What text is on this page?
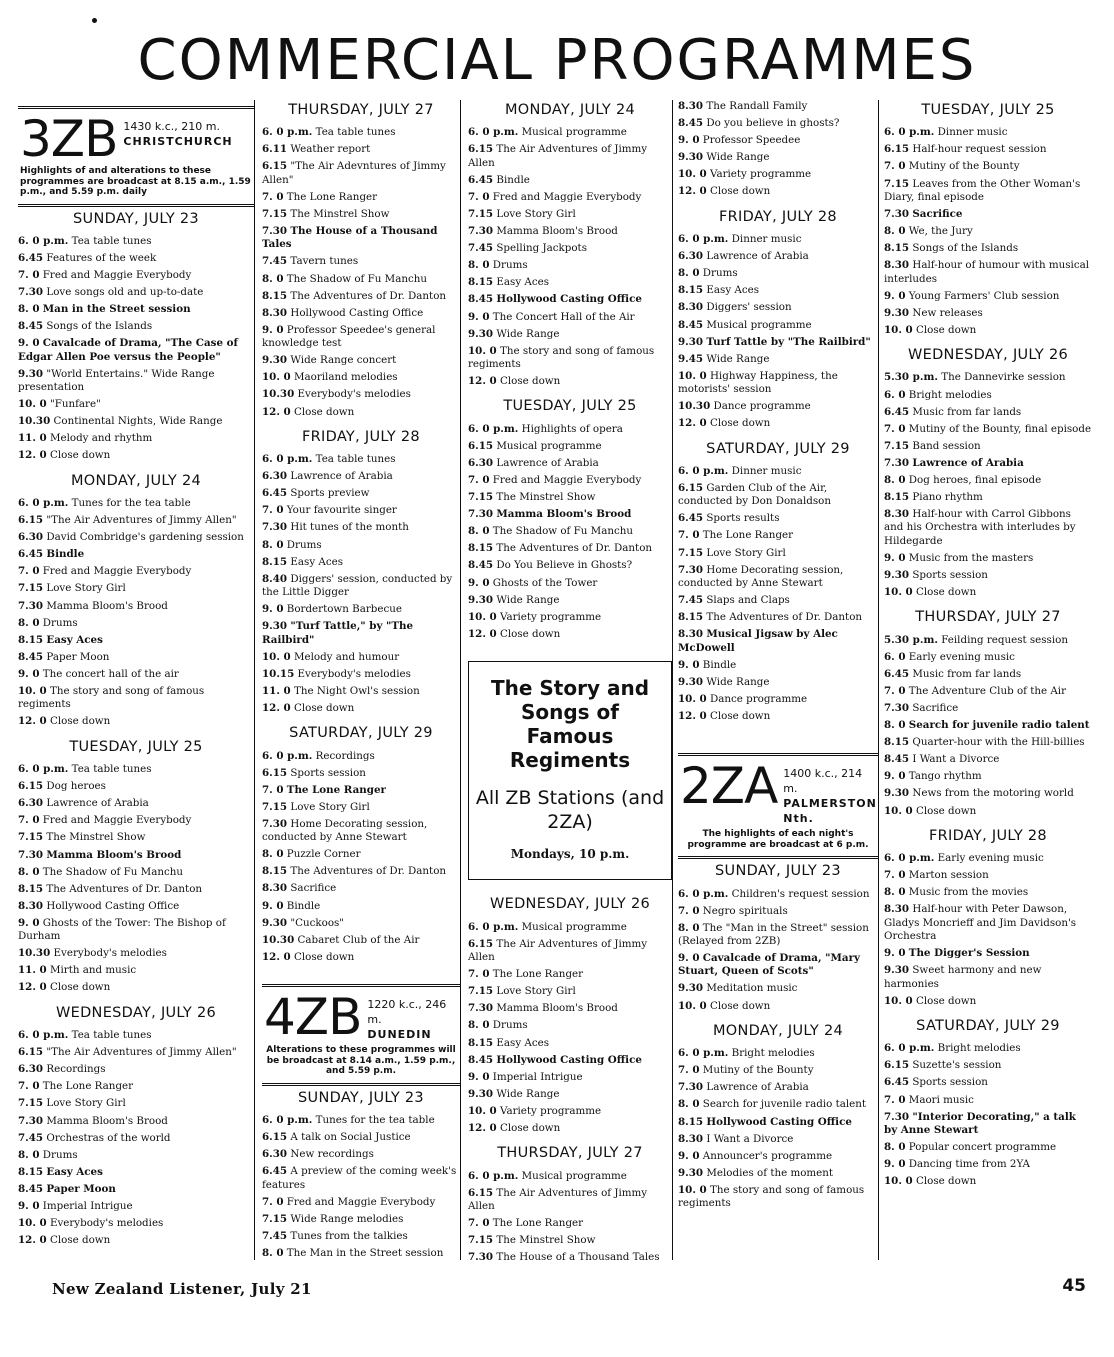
COMMERCIAL PROGRAMMES
3ZB 1430 k.c., 210 m.
CHRISTCHURCH
Highlights of and alterations to these programmes are broadcast at 8.15 a.m., 1.59 p.m., and 5.59 p.m. daily
SUNDAY, JULY 23
6. 0 p.m. Tea table tunes
6.45 Features of the week
7. 0 Fred and Maggie Everybody
7.30 Love songs old and up-to-date
8. 0 Man in the Street session
8.45 Songs of the Islands
9. 0 Cavalcade of Drama, "The Case of Edgar Allen Poe versus the People"
9.30 "World Entertains." Wide Range presentation
10. 0 "Funfare"
10.30 Continental Nights, Wide Range
11. 0 Melody and rhythm
12. 0 Close down
MONDAY, JULY 24
6. 0 p.m. Tunes for the tea table
6.15 "The Air Adventures of Jimmy Allen"
6.30 David Combridge's gardening session
6.45 Bindle
7. 0 Fred and Maggie Everybody
7.15 Love Story Girl
7.30 Mamma Bloom's Brood
8. 0 Drums
8.15 Easy Aces
8.45 Paper Moon
9. 0 The concert hall of the air
10. 0 The story and song of famous regiments
12. 0 Close down
TUESDAY, JULY 25
6. 0 p.m. Tea table tunes
6.15 Dog heroes
6.30 Lawrence of Arabia
7. 0 Fred and Maggie Everybody
7.15 The Minstrel Show
7.30 Mamma Bloom's Brood
8. 0 The Shadow of Fu Manchu
8.15 The Adventures of Dr. Danton
8.30 Hollywood Casting Office
9. 0 Ghosts of the Tower: The Bishop of Durham
10.30 Everybody's melodies
11. 0 Mirth and music
12. 0 Close down
WEDNESDAY, JULY 26
6. 0 p.m. Tea table tunes
6.15 "The Air Adventures of Jimmy Allen"
6.30 Recordings
7. 0 The Lone Ranger
7.15 Love Story Girl
7.30 Mamma Bloom's Brood
7.45 Orchestras of the world
8. 0 Drums
8.15 Easy Aces
8.45 Paper Moon
9. 0 Imperial Intrigue
10. 0 Everybody's melodies
12. 0 Close down
THURSDAY, JULY 27
6. 0 p.m. Tea table tunes
6.11 Weather report
6.15 "The Air Adevntures of Jimmy Allen"
7. 0 The Lone Ranger
7.15 The Minstrel Show
7.30 The House of a Thousand Tales
7.45 Tavern tunes
8. 0 The Shadow of Fu Manchu
8.15 The Adventures of Dr. Danton
8.30 Hollywood Casting Office
9. 0 Professor Speedee's general knowledge test
9.30 Wide Range concert
10. 0 Maoriland melodies
10.30 Everybody's melodies
12. 0 Close down
FRIDAY, JULY 28
6. 0 p.m. Tea table tunes
6.30 Lawrence of Arabia
6.45 Sports preview
7. 0 Your favourite singer
7.30 Hit tunes of the month
8. 0 Drums
8.15 Easy Aces
8.40 Diggers' session, conducted by the Little Digger
9. 0 Bordertown Barbecue
9.30 "Turf Tattle," by "The Railbird"
10. 0 Melody and humour
10.15 Everybody's melodies
11. 0 The Night Owl's session
12. 0 Close down
SATURDAY, JULY 29
6. 0 p.m. Recordings
6.15 Sports session
7. 0 The Lone Ranger
7.15 Love Story Girl
7.30 Home Decorating session, conducted by Anne Stewart
8. 0 Puzzle Corner
8.15 The Adventures of Dr. Danton
8.30 Sacrifice
9. 0 Bindle
9.30 "Cuckoos"
10.30 Cabaret Club of the Air
12. 0 Close down
4ZB 1220 k.c., 246 m.
DUNEDIN
Alterations to these programmes will be broadcast at 8.14 a.m., 1.59 p.m., and 5.59 p.m.
SUNDAY, JULY 23
6. 0 p.m. Tunes for the tea table
6.15 A talk on Social Justice
6.30 New recordings
6.45 A preview of the coming week's features
7. 0 Fred and Maggie Everybody
7.15 Wide Range melodies
7.45 Tunes from the talkies
8. 0 The Man in the Street session
MONDAY, JULY 24
6. 0 p.m. Musical programme
6.15 The Air Adventures of Jimmy Allen
6.45 Bindle
7. 0 Fred and Maggie Everybody
7.15 Love Story Girl
7.30 Mamma Bloom's Brood
7.45 Spelling Jackpots
8. 0 Drums
8.15 Easy Aces
8.45 Hollywood Casting Office
9. 0 The Concert Hall of the Air
9.30 Wide Range
10. 0 The story and song of famous regiments
12. 0 Close down
TUESDAY, JULY 25
6. 0 p.m. Highlights of opera
6.15 Musical programme
6.30 Lawrence of Arabia
7. 0 Fred and Maggie Everybody
7.15 The Minstrel Show
7.30 Mamma Bloom's Brood
8. 0 The Shadow of Fu Manchu
8.15 The Adventures of Dr. Danton
8.45 Do You Believe in Ghosts?
9. 0 Ghosts of the Tower
9.30 Wide Range
10. 0 Variety programme
12. 0 Close down
The Story and Songs of Famous Regiments
All ZB Stations (and 2ZA)
Mondays, 10 p.m.
WEDNESDAY, JULY 26
6. 0 p.m. Musical programme
6.15 The Air Adventures of Jimmy Allen
7. 0 The Lone Ranger
7.15 Love Story Girl
7.30 Mamma Bloom's Brood
8. 0 Drums
8.15 Easy Aces
8.45 Hollywood Casting Office
9. 0 Imperial Intrigue
9.30 Wide Range
10. 0 Variety programme
12. 0 Close down
THURSDAY, JULY 27
6. 0 p.m. Musical programme
6.15 The Air Adventures of Jimmy Allen
7. 0 The Lone Ranger
7.15 The Minstrel Show
7.30 The House of a Thousand Tales
8.30 The Randall Family
8.45 Do you believe in ghosts?
9. 0 Professor Speedee
9.30 Wide Range
10. 0 Variety programme
12. 0 Close down
FRIDAY, JULY 28
6. 0 p.m. Dinner music
6.30 Lawrence of Arabia
8. 0 Drums
8.15 Easy Aces
8.30 Diggers' session
8.45 Musical programme
9.30 Turf Tattle by "The Railbird"
9.45 Wide Range
10. 0 Highway Happiness, the motorists' session
10.30 Dance programme
12. 0 Close down
SATURDAY, JULY 29
6. 0 p.m. Dinner music
6.15 Garden Club of the Air, conducted by Don Donaldson
6.45 Sports results
7. 0 The Lone Ranger
7.15 Love Story Girl
7.30 Home Decorating session, conducted by Anne Stewart
7.45 Slaps and Claps
8.15 The Adventures of Dr. Danton
8.30 Musical Jigsaw by Alec McDowell
9. 0 Bindle
9.30 Wide Range
10. 0 Dance programme
12. 0 Close down
2ZA 1400 k.c., 214 m.
PALMERSTON Nth.
The highlights of each night's programme are broadcast at 6 p.m.
SUNDAY, JULY 23
6. 0 p.m. Children's request session
7. 0 Negro spirituals
8. 0 The "Man in the Street" session (Relayed from 2ZB)
9. 0 Cavalcade of Drama, "Mary Stuart, Queen of Scots"
9.30 Meditation music
10. 0 Close down
MONDAY, JULY 24
6. 0 p.m. Bright melodies
7. 0 Mutiny of the Bounty
7.30 Lawrence of Arabia
8. 0 Search for juvenile radio talent
8.15 Hollywood Casting Office
8.30 I Want a Divorce
9. 0 Announcer's programme
9.30 Melodies of the moment
10. 0 The story and song of famous regiments
TUESDAY, JULY 25
6. 0 p.m. Dinner music
6.15 Half-hour request session
7. 0 Mutiny of the Bounty
7.15 Leaves from the Other Woman's Diary, final episode
7.30 Sacrifice
8. 0 We, the Jury
8.15 Songs of the Islands
8.30 Half-hour of humour with musical interludes
9. 0 Young Farmers' Club session
9.30 New releases
10. 0 Close down
WEDNESDAY, JULY 26
5.30 p.m. The Dannevirke session
6. 0 Bright melodies
6.45 Music from far lands
7. 0 Mutiny of the Bounty, final episode
7.15 Band session
7.30 Lawrence of Arabia
8. 0 Dog heroes, final episode
8.15 Piano rhythm
8.30 Half-hour with Carrol Gibbons and his Orchestra with interludes by Hildegarde
9. 0 Music from the masters
9.30 Sports session
10. 0 Close down
THURSDAY, JULY 27
5.30 p.m. Feilding request session
6. 0 Early evening music
6.45 Music from far lands
7. 0 The Adventure Club of the Air
7.30 Sacrifice
8. 0 Search for juvenile radio talent
8.15 Quarter-hour with the Hill-billies
8.45 I Want a Divorce
9. 0 Tango rhythm
9.30 News from the motoring world
10. 0 Close down
FRIDAY, JULY 28
6. 0 p.m. Early evening music
7. 0 Marton session
8. 0 Music from the movies
8.30 Half-hour with Peter Dawson, Gladys Moncrieff and Jim Davidson's Orchestra
9. 0 The Digger's Session
9.30 Sweet harmony and new harmonies
10. 0 Close down
SATURDAY, JULY 29
6. 0 p.m. Bright melodies
6.15 Suzette's session
6.45 Sports session
7. 0 Maori music
7.30 "Interior Decorating," a talk by Anne Stewart
8. 0 Popular concert programme
9. 0 Dancing time from 2YA
10. 0 Close down
New Zealand Listener, July 21	45
